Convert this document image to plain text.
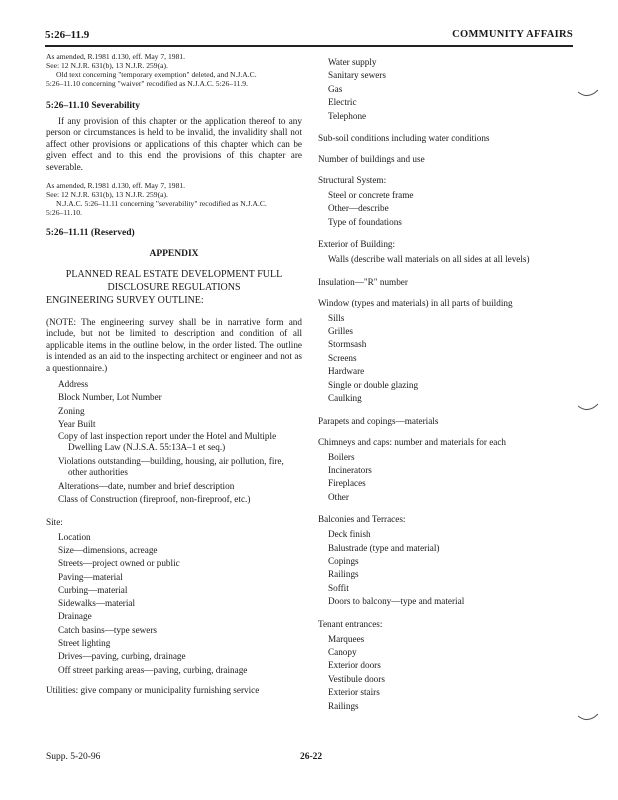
5:26–11.9	COMMUNITY AFFAIRS
As amended, R.1981 d.130, eff. May 7, 1981.
See: 12 N.J.R. 631(b), 13 N.J.R. 259(a).
Old text concerning "temporary exemption" deleted, and N.J.A.C.
5:26–11.10 concerning "waiver" recodified as N.J.A.C. 5:26–11.9.
5:26–11.10 Severability
If any provision of this chapter or the application thereof to any person or circumstances is held to be invalid, the invalidity shall not affect other provisions or applications of this chapter which can be given effect and to this end the provisions of this chapter are severable.
As amended, R.1981 d.130, eff. May 7, 1981.
See: 12 N.J.R. 631(b), 13 N.J.R. 259(a).
N.J.A.C. 5:26–11.11 concerning "severability" recodified as N.J.A.C.
5:26–11.10.
5:26–11.11 (Reserved)
APPENDIX
PLANNED REAL ESTATE DEVELOPMENT FULL
DISCLOSURE REGULATIONS
ENGINEERING SURVEY OUTLINE:
(NOTE: The engineering survey shall be in narrative form and include, but not be limited to description and condition of all applicable items in the outline below, in the order listed. The outline is intended as an aid to the inspecting architect or engineer and not as a questionnaire.)
Address
Block Number, Lot Number
Zoning
Year Built
Copy of last inspection report under the Hotel and Multiple Dwelling Law (N.J.S.A. 55:13A–1 et seq.)
Violations outstanding—building, housing, air pollution, fire, other authorities
Alterations—date, number and brief description
Class of Construction (fireproof, non-fireproof, etc.)
Site:
Location
Size—dimensions, acreage
Streets—project owned or public
Paving—material
Curbing—material
Sidewalks—material
Drainage
Catch basins—type sewers
Street lighting
Drives—paving, curbing, drainage
Off street parking areas—paving, curbing, drainage
Utilities: give company or municipality furnishing service
Water supply
Sanitary sewers
Gas
Electric
Telephone
Sub-soil conditions including water conditions
Number of buildings and use
Structural System:
Steel or concrete frame
Other—describe
Type of foundations
Exterior of Building:
Walls (describe wall materials on all sides at all levels)
Insulation—"R" number
Window (types and materials) in all parts of building
Sills
Grilles
Stormsash
Screens
Hardware
Single or double glazing
Caulking
Parapets and copings—materials
Chimneys and caps: number and materials for each
Boilers
Incinerators
Fireplaces
Other
Balconies and Terraces:
Deck finish
Balustrade (type and material)
Copings
Railings
Soffit
Doors to balcony—type and material
Tenant entrances:
Marquees
Canopy
Exterior doors
Vestibule doors
Exterior stairs
Railings
Supp. 5-20-96	26-22
